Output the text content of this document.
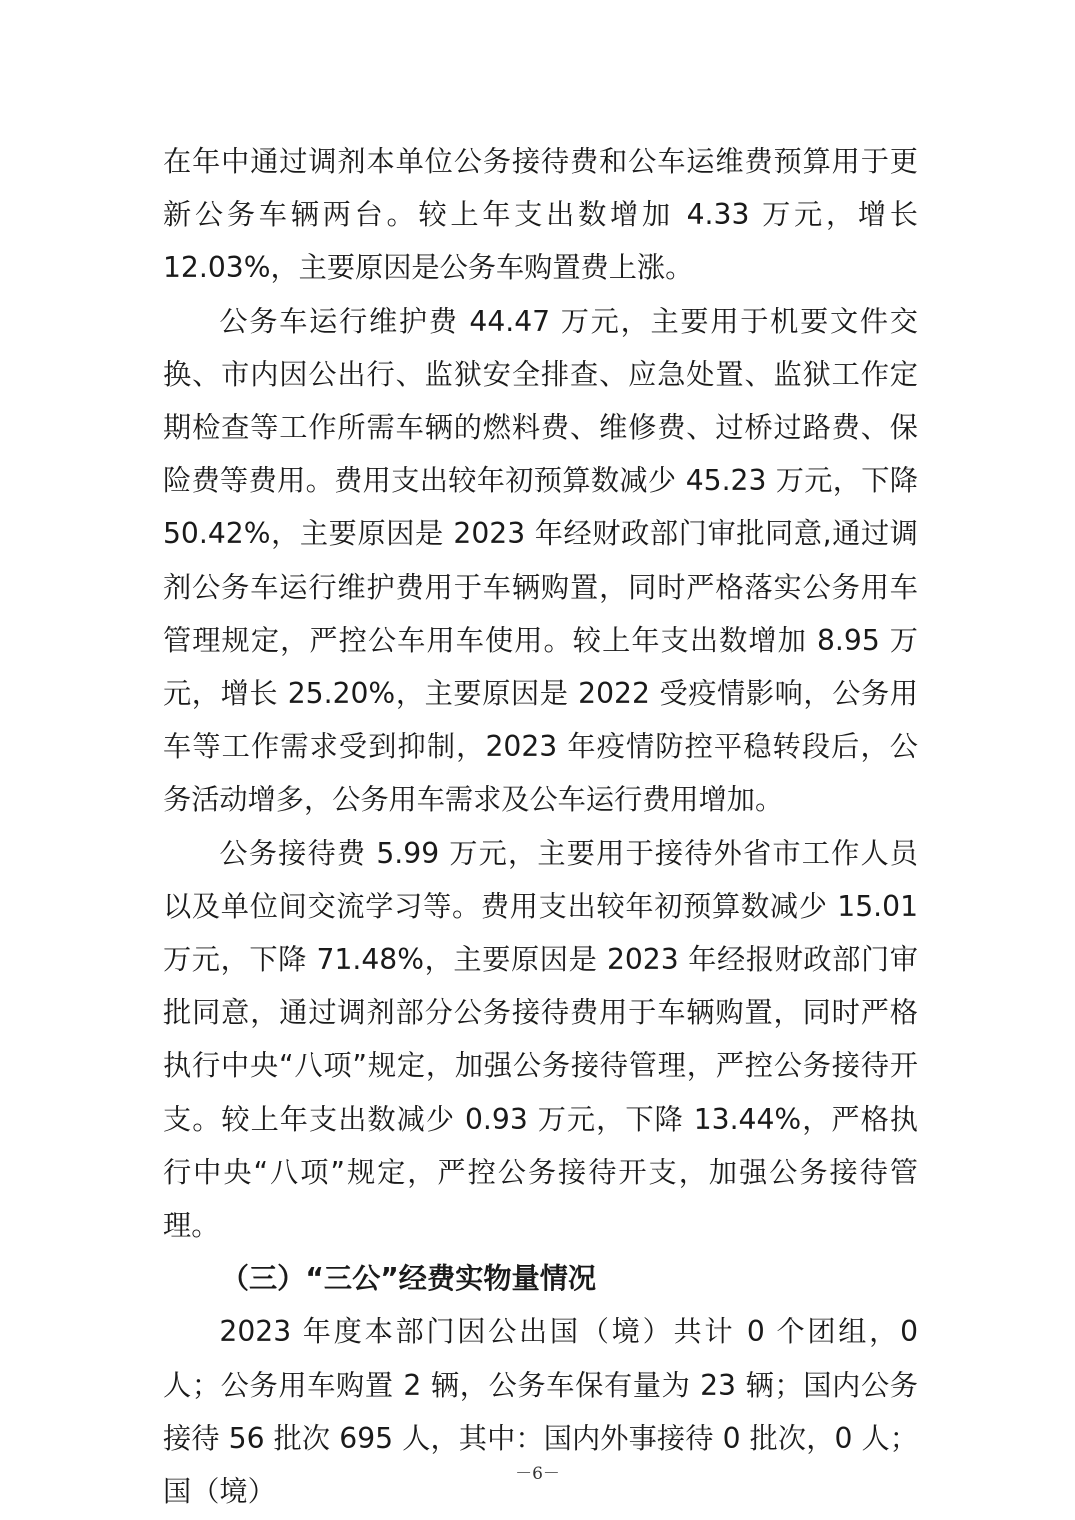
在年中通过调剂本单位公务接待费和公车运维费预算用于更新公务车辆两台。较上年支出数增加 4.33 万元，增长 12.03%，主要原因是公务车购置费上涨。

公务车运行维护费 44.47 万元，主要用于机要文件交换、市内因公出行、监狱安全排查、应急处置、监狱工作定期检查等工作所需车辆的燃料费、维修费、过桥过路费、保险费等费用。费用支出较年初预算数减少 45.23 万元，下降 50.42%，主要原因是 2023 年经财政部门审批同意,通过调剂公务车运行维护费用于车辆购置，同时严格落实公务用车管理规定，严控公车用车使用。较上年支出数增加 8.95 万元，增长 25.20%，主要原因是 2022 受疫情影响，公务用车等工作需求受到抑制，2023 年疫情防控平稳转段后，公务活动增多，公务用车需求及公车运行费用增加。

公务接待费 5.99 万元，主要用于接待外省市工作人员以及单位间交流学习等。费用支出较年初预算数减少 15.01 万元，下降 71.48%，主要原因是 2023 年经报财政部门审批同意，通过调剂部分公务接待费用于车辆购置，同时严格执行中央“八项”规定，加强公务接待管理，严控公务接待开支。较上年支出数减少 0.93 万元，下降 13.44%，严格执行中央“八项”规定，严控公务接待开支，加强公务接待管理。

（三）“三公”经费实物量情况

2023 年度本部门因公出国（境）共计 0 个团组，0 人；公务用车购置 2 辆，公务车保有量为 23 辆；国内公务接待 56 批次 695 人，其中：国内外事接待 0 批次，0 人；国（境）

－6－
